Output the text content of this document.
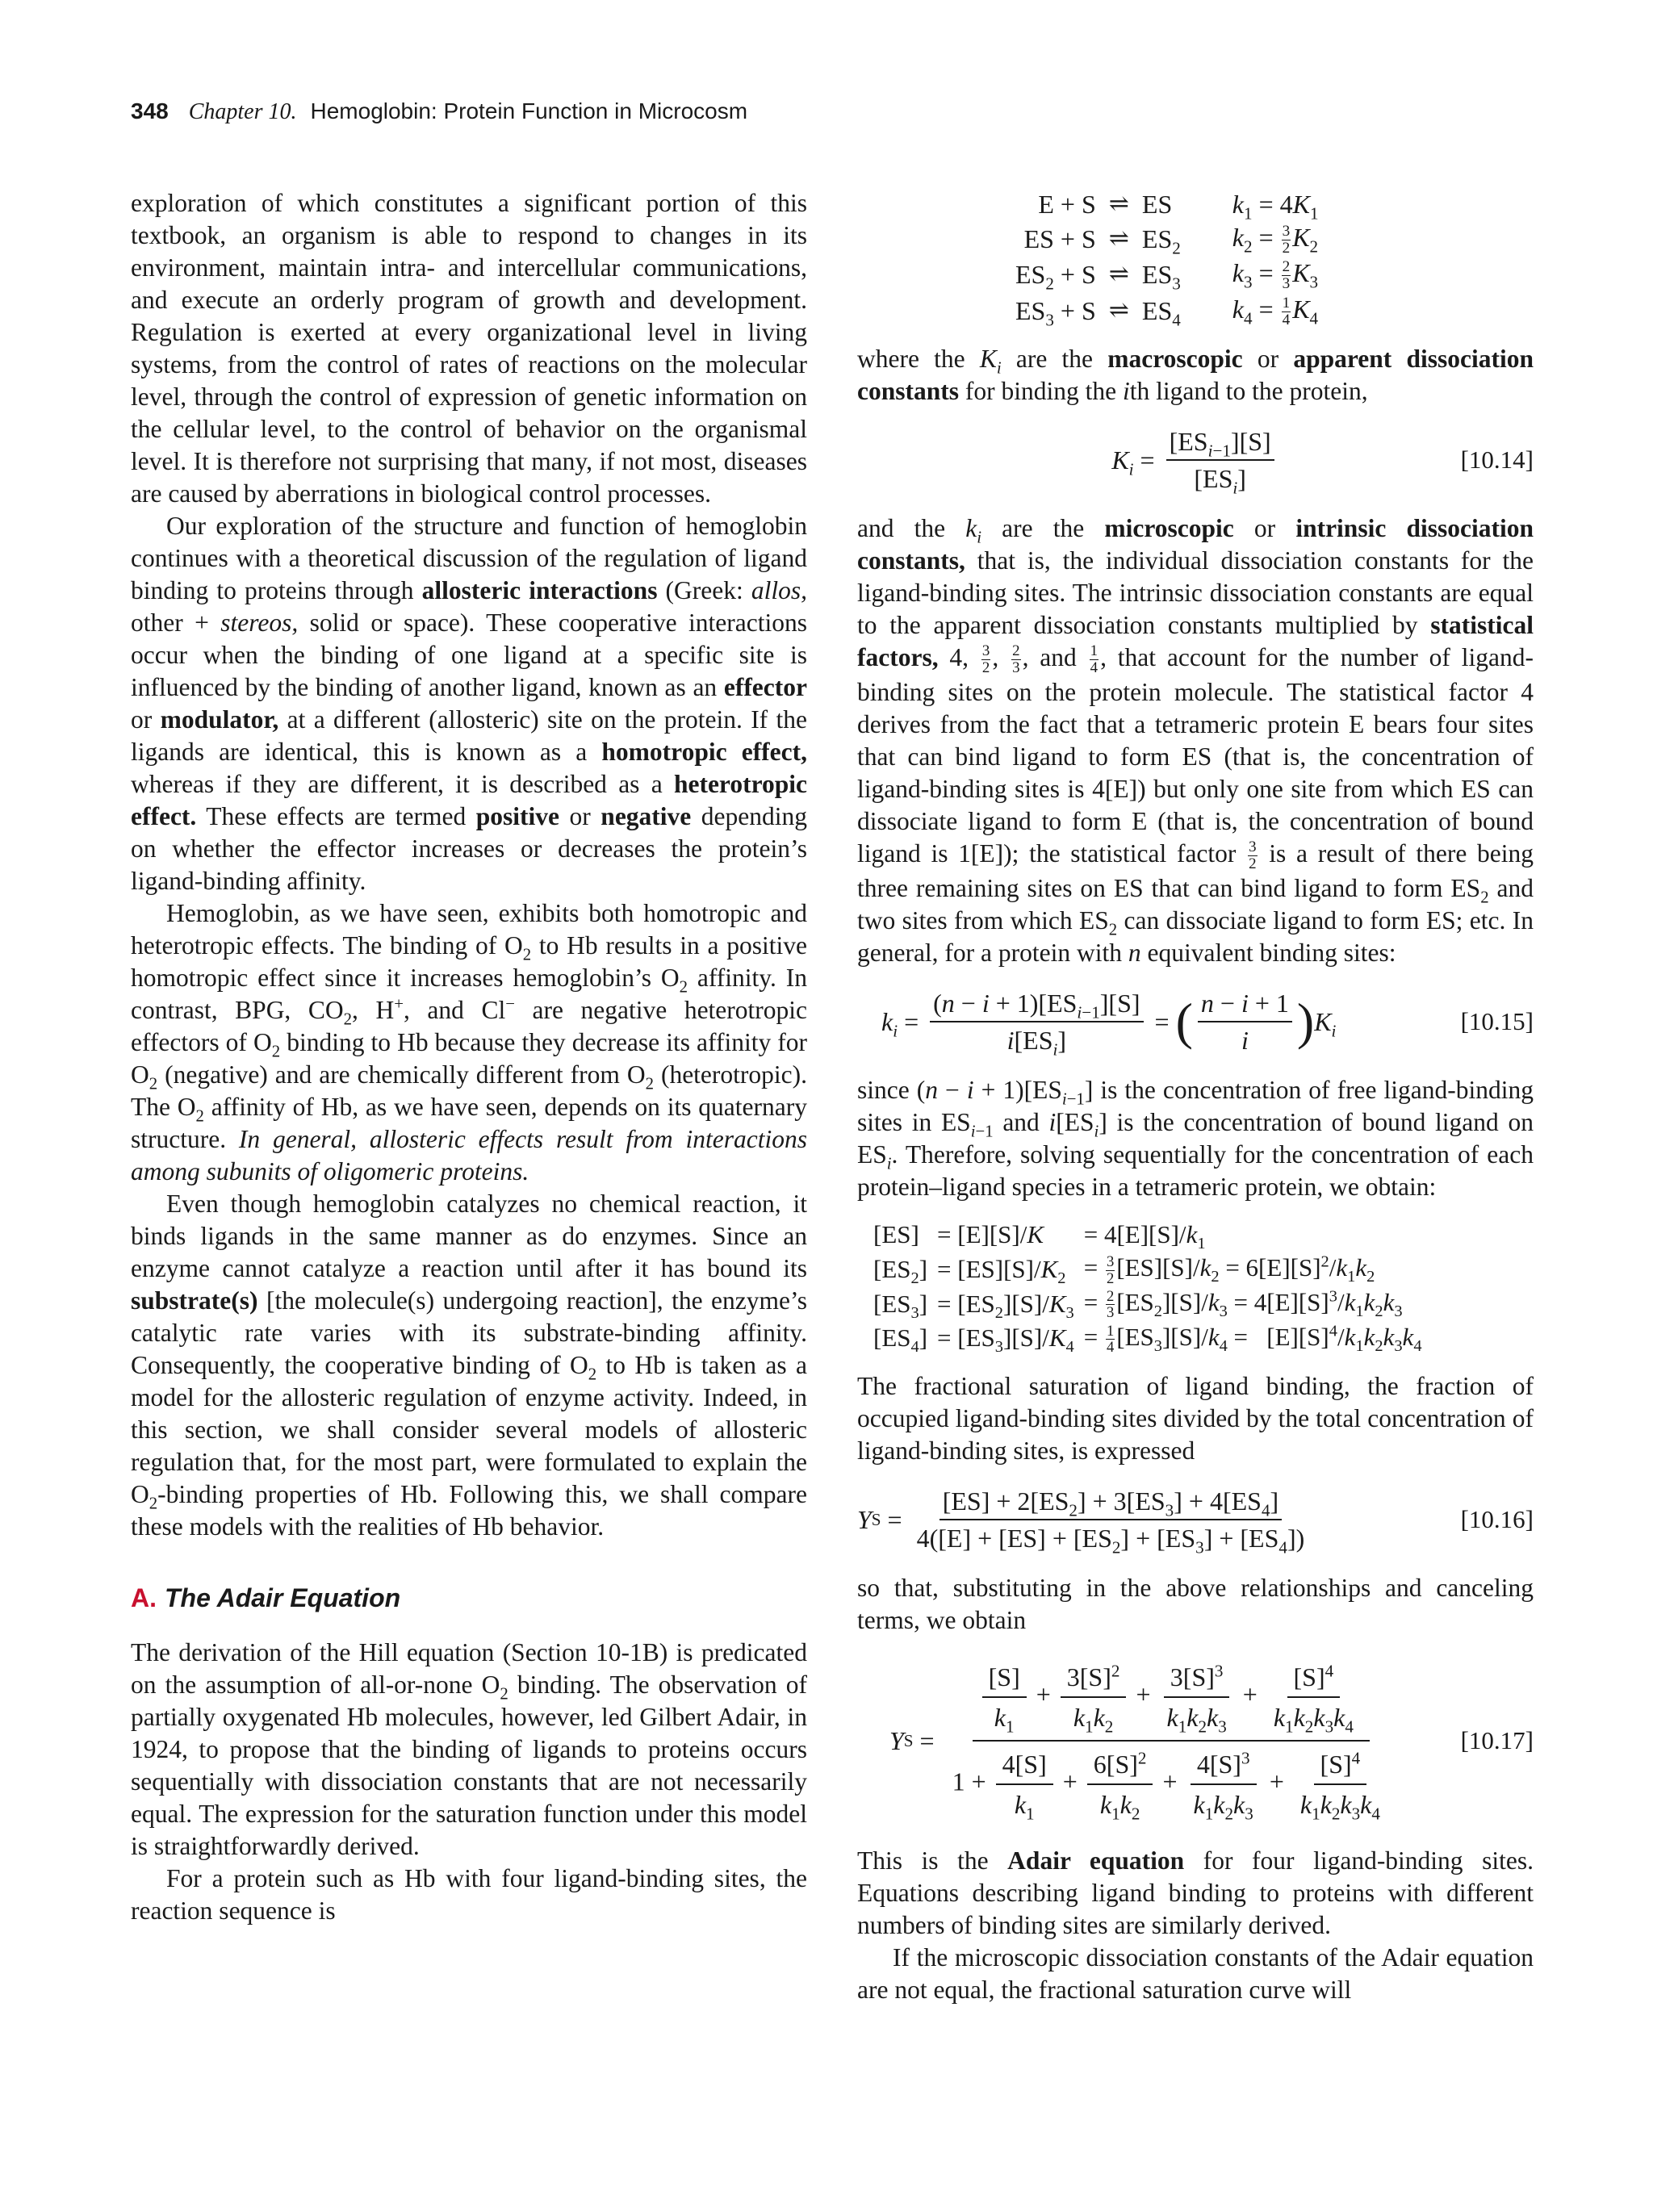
348 Chapter 10. Hemoglobin: Protein Function in Microcosm

exploration of which constitutes a significant portion of this textbook, an organism is able to respond to changes in its environment, maintain intra- and intercellular communications, and execute an orderly program of growth and development. Regulation is exerted at every organizational level in living systems, from the control of rates of reactions on the molecular level, through the control of expression of genetic information on the cellular level, to the control of behavior on the organismal level. It is therefore not surprising that many, if not most, diseases are caused by aberrations in biological control processes.

Our exploration of the structure and function of hemoglobin continues with a theoretical discussion of the regulation of ligand binding to proteins through allosteric interactions (Greek: allos, other + stereos, solid or space). These cooperative interactions occur when the binding of one ligand at a specific site is influenced by the binding of another ligand, known as an effector or modulator, at a different (allosteric) site on the protein. If the ligands are identical, this is known as a homotropic effect, whereas if they are different, it is described as a heterotropic effect. These effects are termed positive or negative depending on whether the effector increases or decreases the protein’s ligand-binding affinity.

Hemoglobin, as we have seen, exhibits both homotropic and heterotropic effects. The binding of $O_2$ to Hb results in a positive homotropic effect since it increases hemoglobin’s $O_2$ affinity. In contrast, BPG, $CO_2$, H+, and Cl− are negative heterotropic effectors of $O_2$ binding to Hb because they decrease its affinity for $O_2$ (negative) and are chemically different from $O_2$ (heterotropic). The $O_2$ affinity of Hb, as we have seen, depends on its quaternary structure. In general, allosteric effects result from interactions among subunits of oligomeric proteins.

Even though hemoglobin catalyzes no chemical reaction, it binds ligands in the same manner as do enzymes. Since an enzyme cannot catalyze a reaction until after it has bound its substrate(s) [the molecule(s) undergoing reaction], the enzyme’s catalytic rate varies with its substrate-binding affinity. Consequently, the cooperative binding of $O_2$ to Hb is taken as a model for the allosteric regulation of enzyme activity. Indeed, in this section, we shall consider several models of allosteric regulation that, for the most part, were formulated to explain the $O_2$-binding properties of Hb. Following this, we shall compare these models with the realities of Hb behavior.

A. The Adair Equation

The derivation of the Hill equation (Section 10-1B) is predicated on the assumption of all-or-none $O_2$ binding. The observation of partially oxygenated Hb molecules, however, led Gilbert Adair, in 1924, to propose that the binding of ligands to proteins occurs sequentially with dissociation constants that are not necessarily equal. The expression for the saturation function under this model is straightforwardly derived.

For a protein such as Hb with four ligand-binding sites, the reaction sequence is

E + S	⇌	ES	$k_1 = 4K_1$
ES + S	⇌	$ES_2$	$k_2 = \frac{3}{2} K_2$
$ES_2 + S$	⇌	$ES_3$	$k_3 = \frac{2}{3} K_3$
$ES_3 + S$	⇌	$ES_4$	$k_4 = \frac{1}{4} K_4$

where the $K_i$ are the macroscopic or apparent dissociation constants for binding the ith ligand to the protein,

$K_i = \frac{[ES_{i-1}][S]}{[ES_i]}$	[10.14]

and the $k_i$ are the microscopic or intrinsic dissociation constants, that is, the individual dissociation constants for the ligand-binding sites. The intrinsic dissociation constants are equal to the apparent dissociation constants multiplied by statistical factors, 4, $\frac{3}{2}$ , $\frac{2}{3}$ , and $\frac{1}{4}$ , that account for the number of ligand-binding sites on the protein molecule. The statistical factor 4 derives from the fact that a tetrameric protein E bears four sites that can bind ligand to form ES (that is, the concentration of ligand-binding sites is 4[E]) but only one site from which ES can dissociate ligand to form E (that is, the concentration of bound ligand is 1[E]); the statistical factor $\frac{3}{2}$ is a result of there being three remaining sites on ES that can bind ligand to form $ES_2$ and two sites from which $ES_2$ can dissociate ligand to form ES; etc. In general, for a protein with n equivalent binding sites:

$k_i = \frac{(n - i + 1)[ES_{i-1}][S]}{i[ES_i]}$ = ( $\frac{n - i + 1}{i}$ ) $K_i$	[10.15]

since $(n - i + 1)[ES_{i-1}]$ is the concentration of free ligand-binding sites in $ES_{i-1}$ and $i[ES_i]$ is the concentration of bound ligand on $ES_i$. Therefore, solving sequentially for the concentration of each protein–ligand species in a tetrameric protein, we obtain:

[ES]	= [E][S]/K	= $4[E][S]/k_1$
$[ES_2]$	= $[ES][S]/K_2$	= $\frac{3}{2} [ES][S]/k_2 = 6[E][S]^2/k_1k_2$
$[ES_3]$	= $[ES_2][S]/K_3$	= $\frac{2}{3} [ES_2][S]/k_3 = 4[E][S]^3/k_1k_2k_3$
$[ES_4]$	= $[ES_3][S]/K_4$	= $\frac{1}{4} [ES_3][S]/k_4 = [E][S]^4/k_1k_2k_3k_4$

The fractional saturation of ligand binding, the fraction of occupied ligand-binding sites divided by the total concentration of ligand-binding sites, is expressed

Y $S = \frac{[ES] + 2[ES_2] + 3[ES_3] + 4[ES_4]}{4([E] + [ES] + [ES_2] + [ES_3] + [ES_4])}$	[10.16]

so that, substituting in the above relationships and canceling terms, we obtain

Y $S = \frac{\frac{[S]}{k_1} + \frac{3[S]^2}{k_1k_2} + \frac{3[S]^3}{k_1k_2k_3} + \frac{[S]^4}{k_1k_2k_3k_4}}{1 + \frac{4[S]}{k_1} + \frac{6[S]^2}{k_1k_2} + \frac{4[S]^3}{k_1k_2k_3} + \frac{[S]^4}{k_1k_2k_3k_4}}$	[10.17]

This is the Adair equation for four ligand-binding sites. Equations describing ligand binding to proteins with different numbers of binding sites are similarly derived.

If the microscopic dissociation constants of the Adair equation are not equal, the fractional saturation curve will
